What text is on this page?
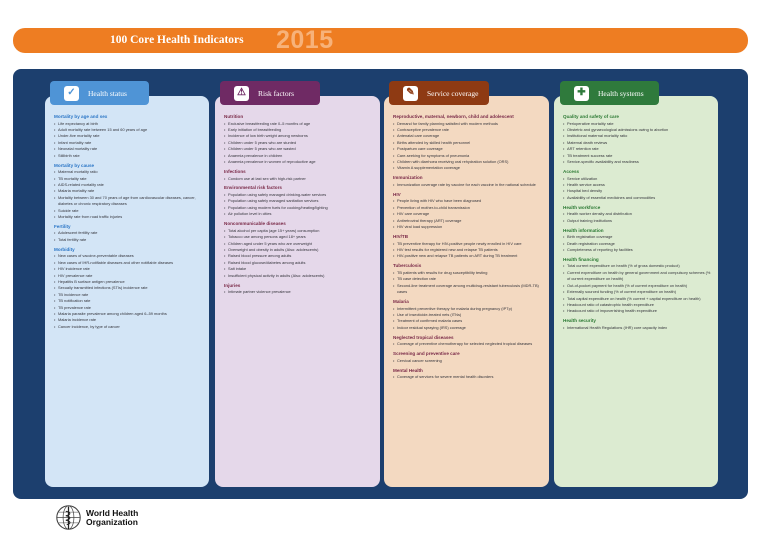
100 Core Health Indicators 2015
Mortality by age and sex
• Life expectancy at birth
• Adult mortality rate between 15 and 60 years of age
• Under-five mortality rate
• Infant mortality rate
• Neonatal mortality rate
• Stillbirth rate
Mortality by cause
• Maternal mortality ratio
• TB mortality rate
• AIDS-related mortality rate
• Malaria mortality rate
• Mortality between 30 and 70 years of age from cardiovascular diseases, cancer, diabetes or chronic respiratory diseases
• Suicide rate
• Mortality rate from road traffic injuries
Fertility
• Adolescent fertility rate
• Total fertility rate
Morbidity
• New cases of vaccine-preventable diseases
• New cases of IHR-notifiable diseases and other notifiable diseases
• HIV incidence rate
• HIV prevalence rate
• Hepatitis B surface antigen prevalence
• Sexually transmitted infections (STIs) incidence rate
• TB incidence rate
• TB notification rate
• TB prevalence rate
• Malaria parasite prevalence among children aged 6–59 months
• Malaria incidence rate
• Cancer incidence, by type of cancer
Nutrition
• Exclusive breastfeeding rate 0–5 months of age
• Early initiation of breastfeeding
• Incidence of low birth weight among newborns
• Children under 5 years who are stunted
• Children under 5 years who are wasted
• Anaemia prevalence in children
• Anaemia prevalence in women of reproductive age
Infections
• Condom use at last sex with high-risk partner
Environmental risk factors
• Population using safely managed drinking-water services
• Population using safely managed sanitation services
• Population using modern fuels for cooking/heating/lighting
• Air pollution level in cities
Noncommunicable diseases
• Total alcohol per capita (age 15+ years) consumption
• Tobacco use among persons aged 18+ years
• Children aged under 5 years who are overweight
• Overweight and obesity in adults (Also: adolescents)
• Raised blood pressure among adults
• Raised blood glucose/diabetes among adults
• Salt intake
• Insufficient physical activity in adults (Also: adolescents)
Injuries
• Intimate partner violence prevalence
Reproductive, maternal, newborn, child and adolescent
• Demand for family planning satisfied with modern methods
• Contraceptive prevalence rate
• Antenatal care coverage
• Births attended by skilled health personnel
• Postpartum care coverage
• Care-seeking for symptoms of pneumonia
• Children with diarrhoea receiving oral rehydration solution (ORS)
• Vitamin A supplementation coverage
Immunization
• Immunization coverage rate by vaccine for each vaccine in the national schedule
HIV
• People living with HIV who have been diagnosed
• Prevention of mother-to-child transmission
• HIV care coverage
• Antiretroviral therapy (ART) coverage
• HIV viral load suppression
HIV/TB
• TB preventive therapy for HIV-positive people newly enrolled in HIV care
• HIV test results for registered new and relapse TB patients
• HIV-positive new and relapse TB patients on ART during TB treatment
Tuberculosis
• TB patients with results for drug susceptibility testing
• TB case detection rate
• Second-line treatment coverage among multidrug-resistant tuberculosis (MDR-TB) cases
Malaria
• Intermittent preventive therapy for malaria during pregnancy (IPTp)
• Use of insecticide-treated nets (ITNs)
• Treatment of confirmed malaria cases
• Indoor residual spraying (IRS) coverage
Neglected tropical diseases
• Coverage of preventive chemotherapy for selected neglected tropical diseases
Screening and preventive care
• Cervical cancer screening
Mental Health
• Coverage of services for severe mental health disorders
Quality and safety of care
• Perioperative mortality rate
• Obstetric and gynaecological admissions owing to abortion
• Institutional maternal mortality ratio
• Maternal death reviews
• ART retention rate
• TB treatment success rate
• Service-specific availability and readiness
Access
• Service utilization
• Health service access
• Hospital bed density
• Availability of essential medicines and commodities
Health workforce
• Health worker density and distribution
• Output training institutions
Health information
• Birth registration coverage
• Death registration coverage
• Completeness of reporting by facilities
Health financing
• Total current expenditure on health (% of gross domestic product)
• Current expenditure on health by general government and compulsory schemes (% of current expenditure on health)
• Out-of-pocket payment for health (% of current expenditure on health)
• Externally sourced funding (% of current expenditure on health)
• Total capital expenditure on health (% current + capital expenditure on health)
• Headcount ratio of catastrophic health expenditure
• Headcount ratio of impoverishing health expenditure
Health security
• International Health Regulations (IHR) core capacity index
✓	Health status	⚠	Risk factors	✎	Service coverage	✚	Health systems
World Health
Organization
